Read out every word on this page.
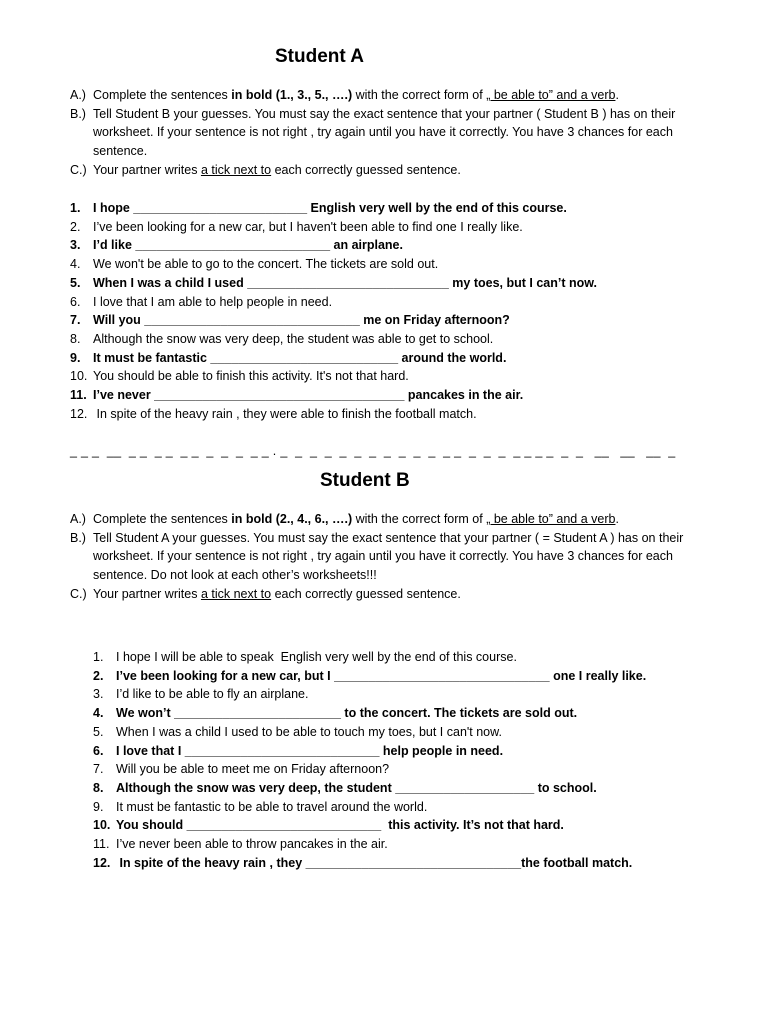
Student A
A.) Complete the sentences in bold (1., 3., 5., ….) with the correct form of „ be able to” and a verb.
B.) Tell Student B your guesses. You must say the exact sentence that your partner ( Student B ) has on their worksheet. If your sentence is not right , try again until you have it correctly. You have 3 chances for each sentence.
C.) Your partner writes a tick next to each correctly guessed sentence.
1.	I hope _________________________ English very well by the end of this course.
2.	I’ve been looking for a new car, but I haven't been able to find one I really like.
3.	I’d like ____________________________ an airplane.
4.	We won't be able to go to the concert. The tickets are sold out.
5.	When I was a child I used _____________________________ my toes, but I can’t now.
6.	I love that I am able to help people in need.
7.	Will you _______________________________ me on Friday afternoon?
8.	Although the snow was very deep, the student was able to get to school.
9.	It must be fantastic ___________________________ around the world.
10. You should be able to finish this activity. It's not that hard.
11. I’ve never ____________________________________ pancakes in the air.
12. In spite of the heavy rain , they were able to finish the football match.
_ _ _  __  _ _  _ _  _ _  _  _  _  _ _ . _  _  _  _  _  _  _  _  _  _  _  _ _  _  _  _  _ _ _ _  _  _   __   __   __  _
Student B
A.) Complete the sentences in bold (2., 4., 6., ….) with the correct form of „ be able to” and a verb.
B.) Tell Student A your guesses. You must say the exact sentence that your partner ( = Student A ) has on their worksheet. If your sentence is not right , try again until you have it correctly. You have 3 chances for each sentence. Do not look at each other’s worksheets!!!
C.) Your partner writes a tick next to each correctly guessed sentence.
1.	I hope I will be able to speak  English very well by the end of this course.
2.	I’ve been looking for a new car, but I _______________________________ one I really like.
3.	I’d like to be able to fly an airplane.
4.	We won’t ________________________ to the concert. The tickets are sold out.
5.	When I was a child I used to be able to touch my toes, but I can't now.
6.	I love that I ____________________________ help people in need.
7.	Will you be able to meet me on Friday afternoon?
8.	Although the snow was very deep, the student ____________________ to school.
9.	It must be fantastic to be able to travel around the world.
10. You should ____________________________  this activity. It’s not that hard.
11. I’ve never been able to throw pancakes in the air.
12. In spite of the heavy rain , they _______________________________the football match.
